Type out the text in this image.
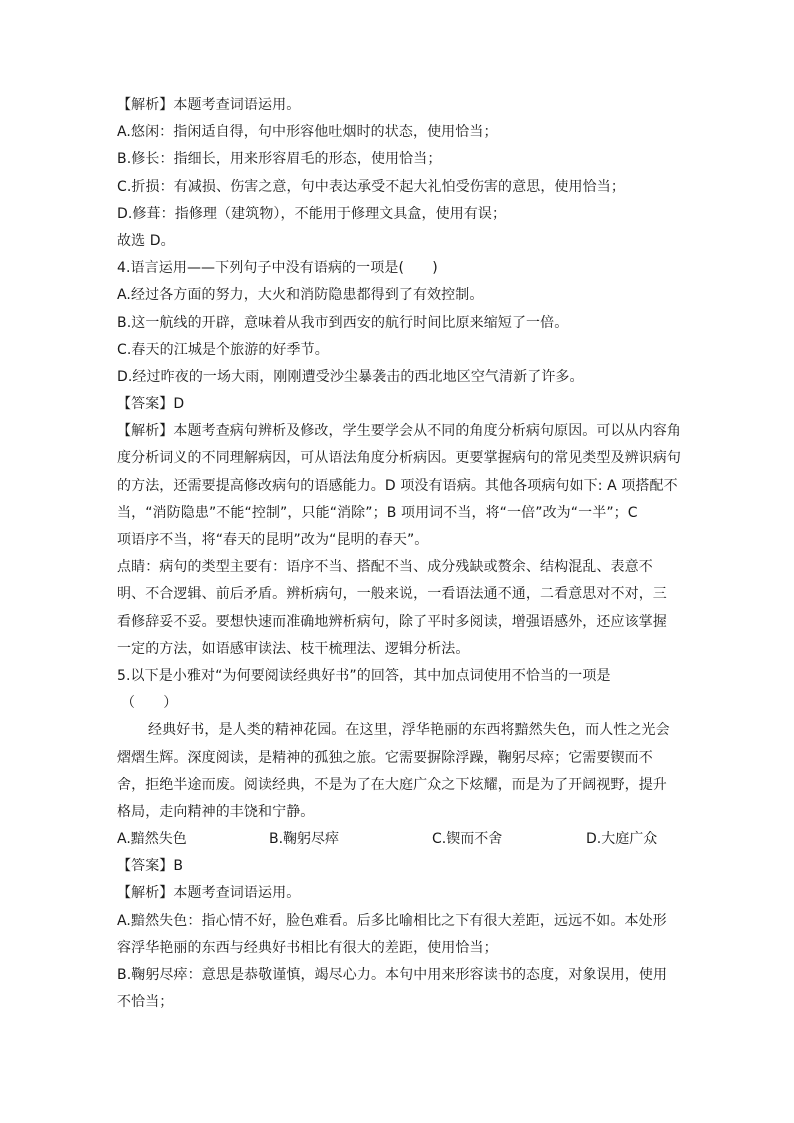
【解析】本题考查词语运用。
A.悠闲：指闲适自得，句中形容他吐烟时的状态，使用恰当；
B.修长：指细长，用来形容眉毛的形态，使用恰当；
C.折损：有减损、伤害之意，句中表达承受不起大礼怕受伤害的意思，使用恰当；
D.修葺：指修理（建筑物），不能用于修理文具盒，使用有误；
故选 D。
4.语言运用——下列句子中没有语病的一项是(　　)
A.经过各方面的努力，大火和消防隐患都得到了有效控制。
B.这一航线的开辟，意味着从我市到西安的航行时间比原来缩短了一倍。
C.春天的江城是个旅游的好季节。
D.经过昨夜的一场大雨，刚刚遭受沙尘暴袭击的西北地区空气清新了许多。
【答案】D
【解析】本题考查病句辨析及修改，学生要学会从不同的角度分析病句原因。可以从内容角
度分析词义的不同理解病因，可从语法角度分析病因。更要掌握病句的常见类型及辨识病句
的方法，还需要提高修改病句的语感能力。D 项没有语病。其他各项病句如下: A 项搭配不
当，“消防隐患”不能“控制”，只能“消除”；B 项用词不当，将“一倍”改为“一半”；C
项语序不当，将“春天的昆明”改为“昆明的春天”。
点睛：病句的类型主要有：语序不当、搭配不当、成分残缺或赘余、结构混乱、表意不
明、不合逻辑、前后矛盾。辨析病句，一般来说，一看语法通不通，二看意思对不对，三
看修辞妥不妥。要想快速而准确地辨析病句，除了平时多阅读，增强语感外，还应该掌握
一定的方法，如语感审读法、枝干梳理法、逻辑分析法。
5.以下是小雅对“为何要阅读经典好书”的回答，其中加点词使用不恰当的一项是
（　　）
经典好书，是人类的精神花园。在这里，浮华艳丽的东西将黯然失色，而人性之光会
熠熠生辉。深度阅读，是精神的孤独之旅。它需要摒除浮躁，鞠躬尽瘁；它需要锲而不
舍，拒绝半途而废。阅读经典，不是为了在大庭广众之下炫耀，而是为了开阔视野，提升
格局，走向精神的丰饶和宁静。
A.黯然失色	B.鞠躬尽瘁	C.锲而不舍	D.大庭广众
【答案】B
【解析】本题考查词语运用。
A.黯然失色：指心情不好，脸色难看。后多比喻相比之下有很大差距，远远不如。本处形
容浮华艳丽的东西与经典好书相比有很大的差距，使用恰当；
B.鞠躬尽瘁：意思是恭敬谨慎，竭尽心力。本句中用来形容读书的态度，对象误用，使用
不恰当；
